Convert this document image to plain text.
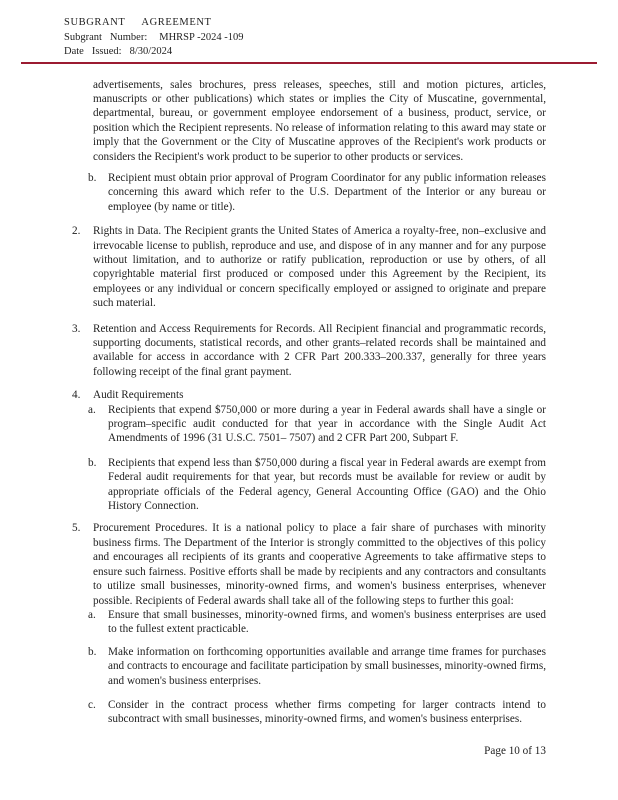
SUBGRANT AGREEMENT
Subgrant Number: MHRSP -2024 -109
Date Issued: 8/30/2024

advertisements, sales brochures, press releases, speeches, still and motion pictures, articles, manuscripts or other publications) which states or implies the City of Muscatine, governmental, departmental, bureau, or government employee endorsement of a business, product, service, or position which the Recipient represents. No release of information relating to this award may state or imply that the Government or the City of Muscatine approves of the Recipient's work products or considers the Recipient's work product to be superior to other products or services.

b.	Recipient must obtain prior approval of Program Coordinator for any public information releases concerning this award which refer to the U.S. Department of the Interior or any bureau or employee (by name or title).
2.	Rights in Data. The Recipient grants the United States of America a royalty-free, non–exclusive and irrevocable license to publish, reproduce and use, and dispose of in any manner and for any purpose without limitation, and to authorize or ratify publication, reproduction or use by others, of all copyrightable material first produced or composed under this Agreement by the Recipient, its employees or any individual or concern specifically employed or assigned to originate and prepare such material.
3.	Retention and Access Requirements for Records. All Recipient financial and programmatic records, supporting documents, statistical records, and other grants–related records shall be maintained and available for access in accordance with 2 CFR Part 200.333–200.337, generally for three years following receipt of the final grant payment.
4.	Audit Requirements
a.	Recipients that expend $750,000 or more during a year in Federal awards shall have a single or program–specific audit conducted for that year in accordance with the Single Audit Act Amendments of 1996 (31 U.S.C. 7501– 7507) and 2 CFR Part 200, Subpart F.
b.	Recipients that expend less than $750,000 during a fiscal year in Federal awards are exempt from Federal audit requirements for that year, but records must be available for review or audit by appropriate officials of the Federal agency, General Accounting Office (GAO) and the Ohio History Connection.
5.	Procurement Procedures. It is a national policy to place a fair share of purchases with minority business firms. The Department of the Interior is strongly committed to the objectives of this policy and encourages all recipients of its grants and cooperative Agreements to take affirmative steps to ensure such fairness. Positive efforts shall be made by recipients and any contractors and consultants to utilize small businesses, minority-owned firms, and women's business enterprises, whenever possible. Recipients of Federal awards shall take all of the following steps to further this goal:
a.	Ensure that small businesses, minority-owned firms, and women's business enterprises are used to the fullest extent practicable.
b.	Make information on forthcoming opportunities available and arrange time frames for purchases and contracts to encourage and facilitate participation by small businesses, minority-owned firms, and women's business enterprises.
c.	Consider in the contract process whether firms competing for larger contracts intend to subcontract with small businesses, minority-owned firms, and women's business enterprises.
Page 10 of 13
